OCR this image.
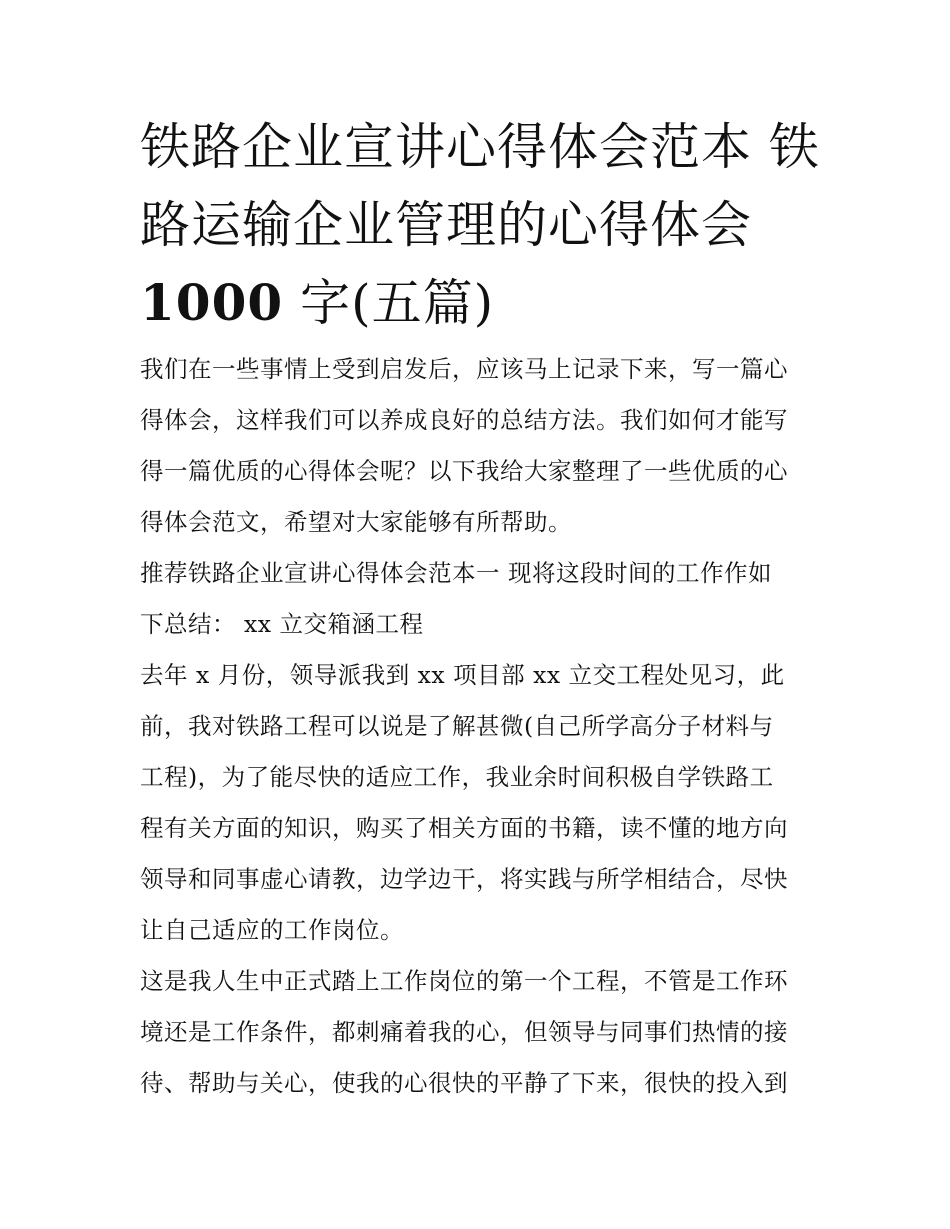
铁路企业宣讲心得体会范本 铁
路运输企业管理的心得体会
1000 字(五篇)

我们在一些事情上受到启发后，应该马上记录下来，写一篇心
得体会，这样我们可以养成良好的总结方法。我们如何才能写
得一篇优质的心得体会呢？以下我给大家整理了一些优质的心
得体会范文，希望对大家能够有所帮助。

推荐铁路企业宣讲心得体会范本一 现将这段时间的工作作如
下总结： xx 立交箱涵工程

去年 x 月份，领导派我到 xx 项目部 xx 立交工程处见习，此
前，我对铁路工程可以说是了解甚微(自己所学高分子材料与
工程)，为了能尽快的适应工作，我业余时间积极自学铁路工
程有关方面的知识，购买了相关方面的书籍，读不懂的地方向
领导和同事虚心请教，边学边干，将实践与所学相结合，尽快
让自己适应的工作岗位。

这是我人生中正式踏上工作岗位的第一个工程，不管是工作环
境还是工作条件，都刺痛着我的心，但领导与同事们热情的接
待、帮助与关心，使我的心很快的平静了下来，很快的投入到
